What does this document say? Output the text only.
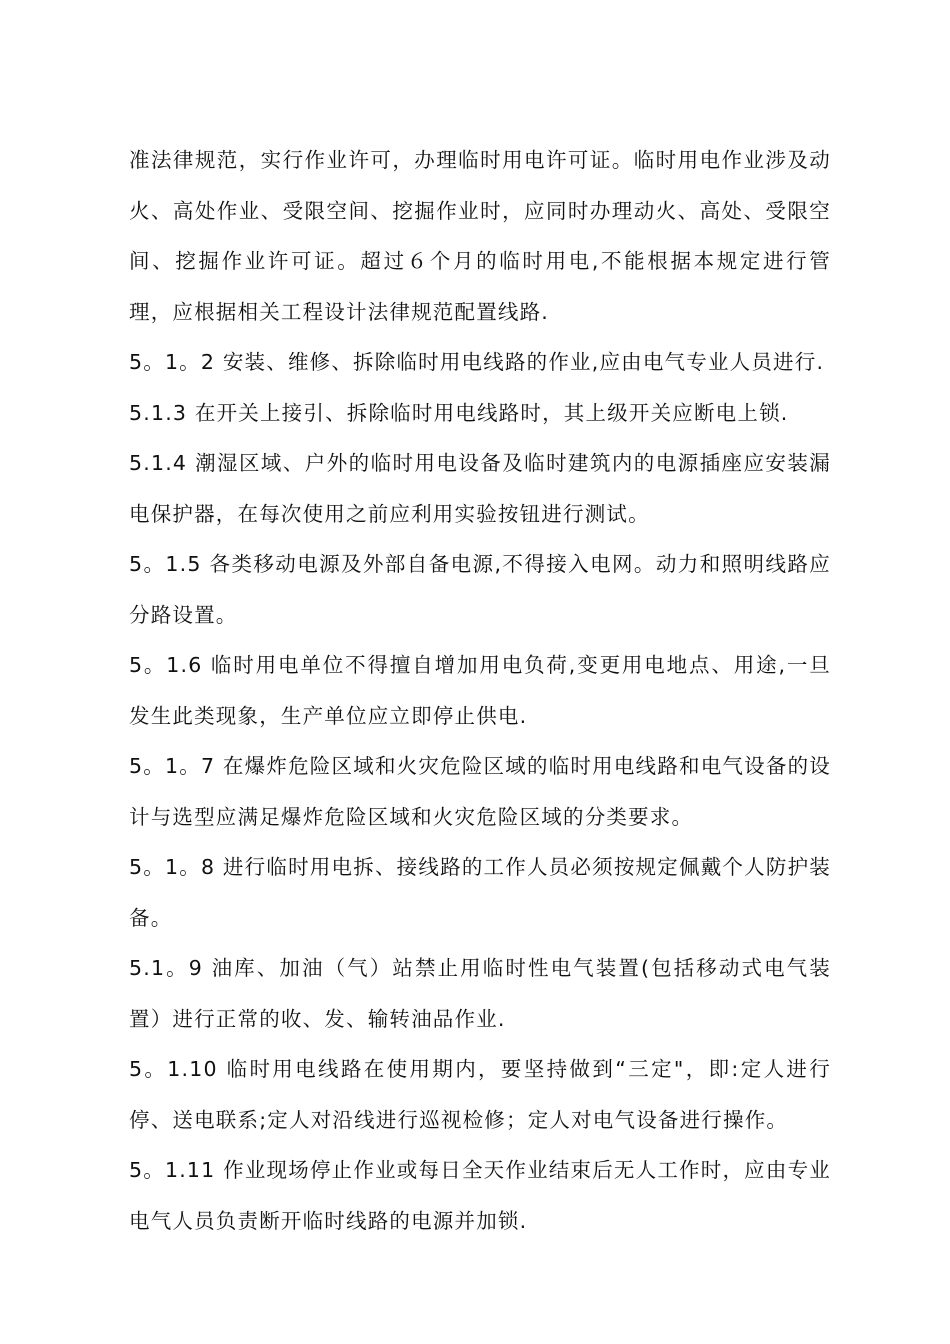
准法律规范，实行作业许可，办理临时用电许可证。临时用电作业涉及动火、高处作业、受限空间、挖掘作业时，应同时办理动火、高处、受限空间、挖掘作业许可证。超过６个月的临时用电,不能根据本规定进行管理，应根据相关工程设计法律规范配置线路.

5。1。2 安装、维修、拆除临时用电线路的作业,应由电气专业人员进行.

5.1.3 在开关上接引、拆除临时用电线路时，其上级开关应断电上锁.

5.1.4 潮湿区域、户外的临时用电设备及临时建筑内的电源插座应安装漏电保护器，在每次使用之前应利用实验按钮进行测试。

5。1.5 各类移动电源及外部自备电源,不得接入电网。动力和照明线路应分路设置。

5。1.6 临时用电单位不得擅自增加用电负荷,变更用电地点、用途,一旦发生此类现象，生产单位应立即停止供电.

5。1。7 在爆炸危险区域和火灾危险区域的临时用电线路和电气设备的设计与选型应满足爆炸危险区域和火灾危险区域的分类要求。

5。1。8 进行临时用电拆、接线路的工作人员必须按规定佩戴个人防护装备。

5.1。9 油库、加油（气）站禁止用临时性电气装置(包括移动式电气装置）进行正常的收、发、输转油品作业.

5。1.10 临时用电线路在使用期内，要坚持做到“三定"，即:定人进行停、送电联系;定人对沿线进行巡视检修；定人对电气设备进行操作。

5。1.11 作业现场停止作业或每日全天作业结束后无人工作时，应由专业电气人员负责断开临时线路的电源并加锁.
